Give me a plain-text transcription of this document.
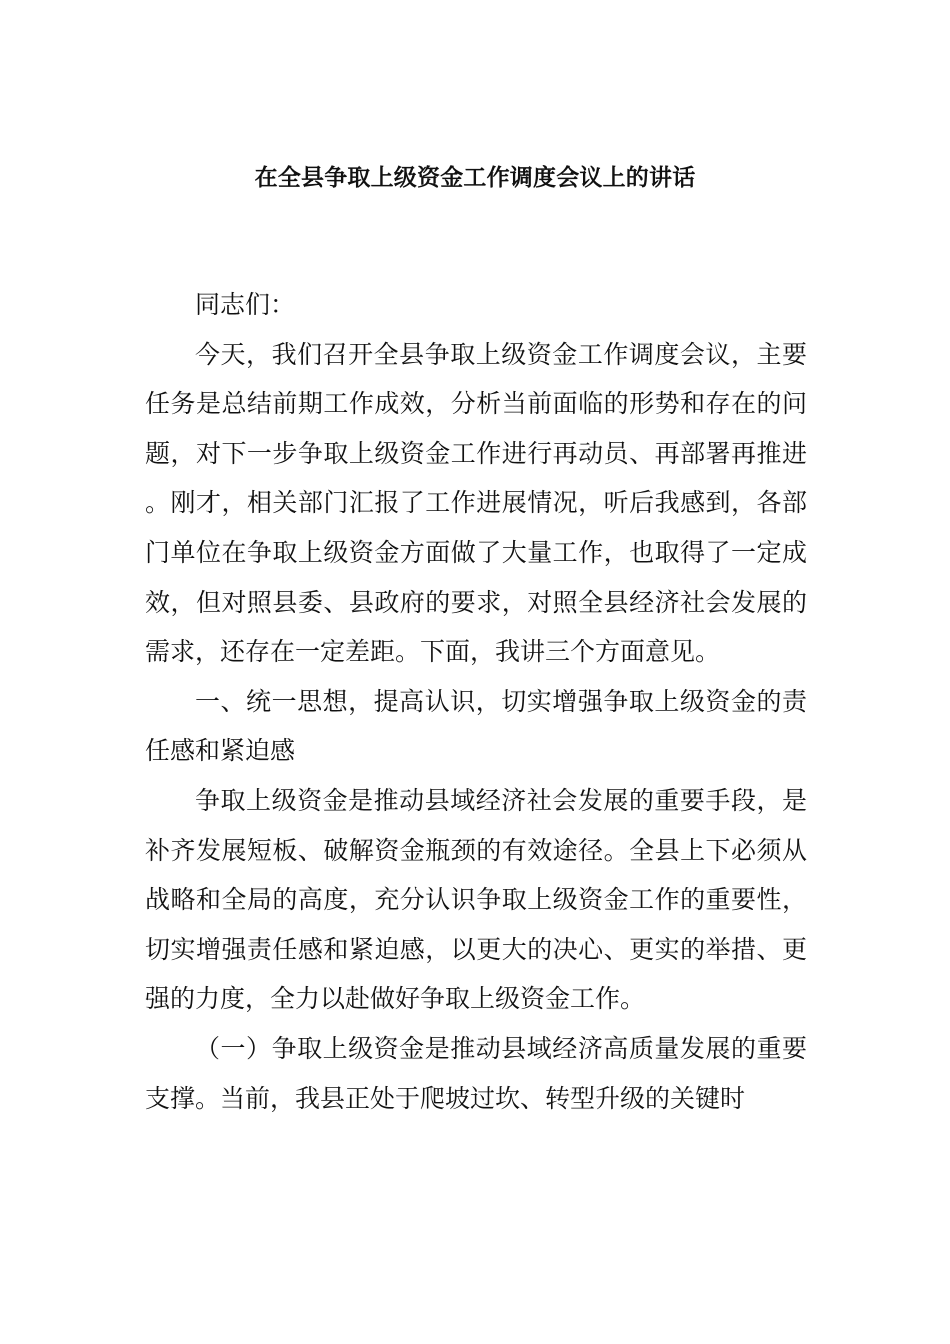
在全县争取上级资金工作调度会议上的讲话

同志们：

今天，我们召开全县争取上级资金工作调度会议，主要任务是总结前期工作成效，分析当前面临的形势和存在的问题，对下一步争取上级资金工作进行再动员、再部署再推进。刚才，相关部门汇报了工作进展情况，听后我感到，各部门单位在争取上级资金方面做了大量工作，也取得了一定成效，但对照县委、县政府的要求，对照全县经济社会发展的需求，还存在一定差距。下面，我讲三个方面意见。

一、统一思想，提高认识，切实增强争取上级资金的责任感和紧迫感

争取上级资金是推动县域经济社会发展的重要手段，是补齐发展短板、破解资金瓶颈的有效途径。全县上下必须从战略和全局的高度，充分认识争取上级资金工作的重要性，切实增强责任感和紧迫感，以更大的决心、更实的举措、更强的力度，全力以赴做好争取上级资金工作。

（一）争取上级资金是推动县域经济高质量发展的重要支撑。当前，我县正处于爬坡过坎、转型升级的关键时
